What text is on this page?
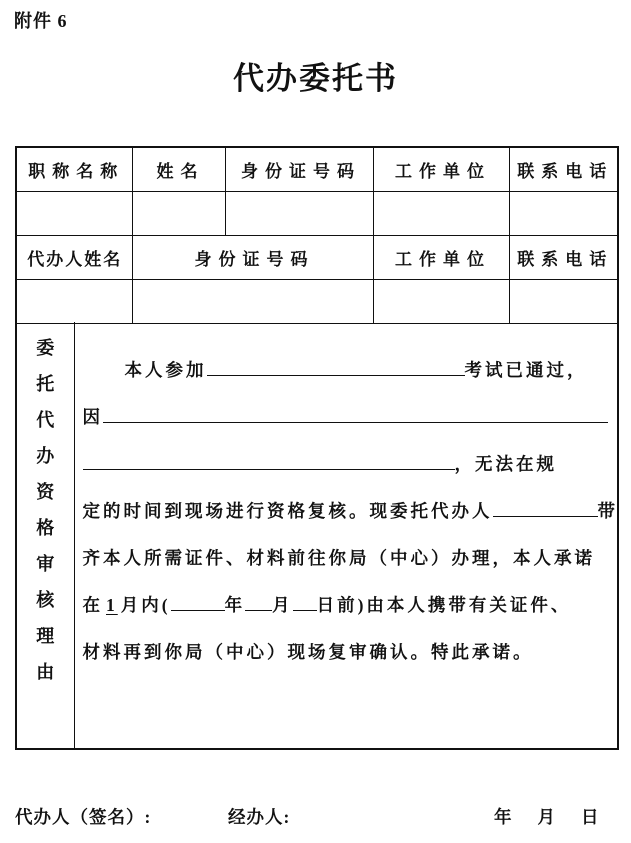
附件 6
代办委托书
职称名称	姓名	身份证号码	工作单位	联系电话

代办人姓名	身份证号码		工作单位	联系电话

委
托
代
办
资
格
审
核
理
由

本人参加	考试已通过，
因
，无法在规
定的时间到现场进行资格复核。现委托代办人	带
齐本人所需证件、材料前往你局（中心）办理，本人承诺
在 1 月内(	年 月 日前)由本人携带有关证件、
材料再到你局（中心）现场复审确认。特此承诺。
代办人（签名）:	经办人:	年 月 日
